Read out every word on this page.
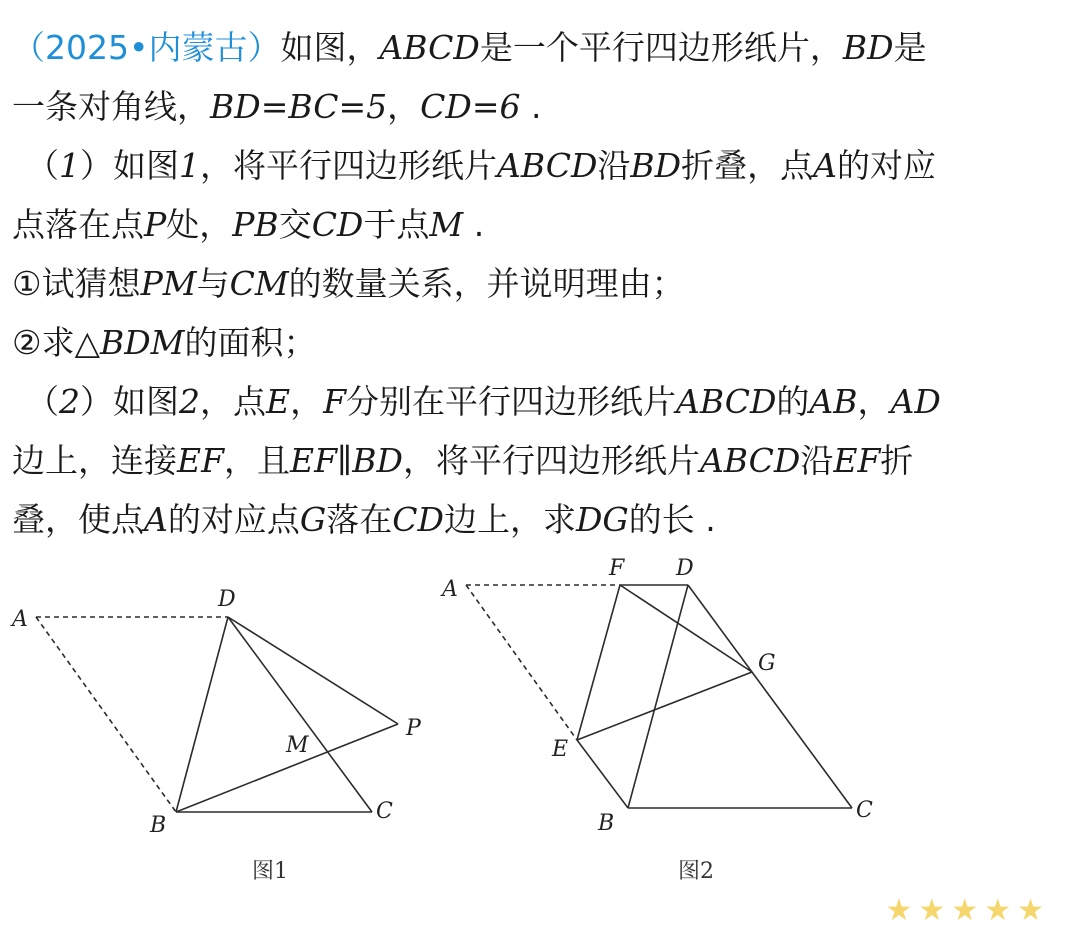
（2025•内蒙古）如图，ABCD是一个平行四边形纸片，BD是
一条对角线，BD=BC=5，CD=6 .
（1）如图1，将平行四边形纸片ABCD沿BD折叠，点A的对应
点落在点P处，PB交CD于点M .
①试猜想PM与CM的数量关系，并说明理由；
②求△BDM的面积；
（2）如图2，点E，F分别在平行四边形纸片ABCD的AB，AD
边上，连接EF，且EF∥BD，将平行四边形纸片ABCD沿EF折
叠，使点A的对应点G落在CD边上，求DG的长 .
A
D
M
P
B
C
图1
A
F D
G
E
B
C
图2
★★★★★
